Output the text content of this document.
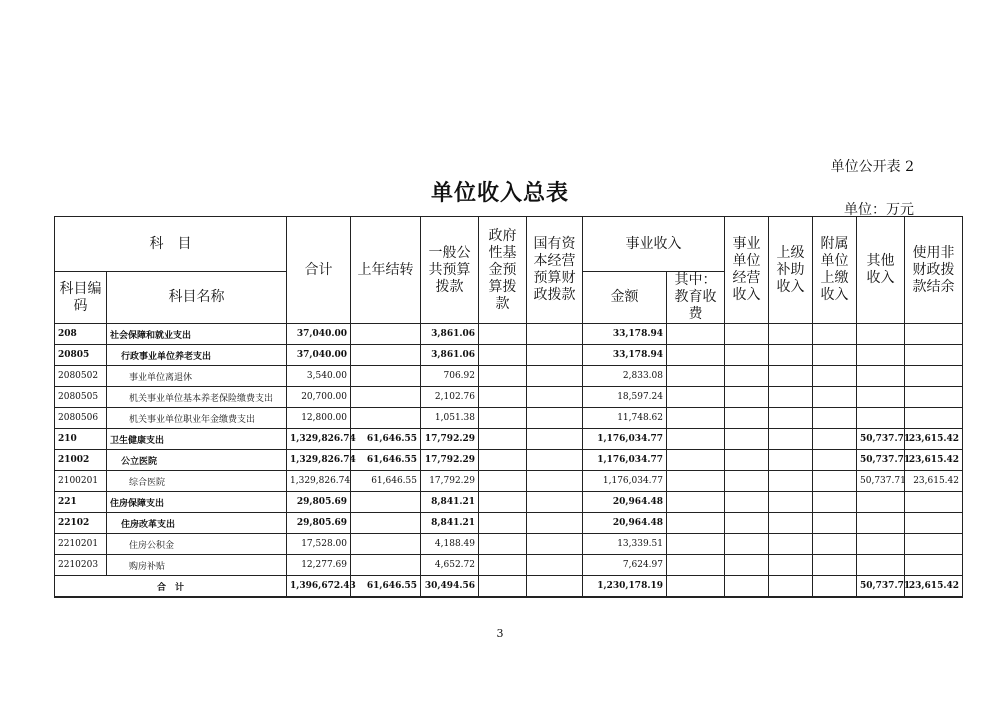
单位公开表 2
单位收入总表
单位：万元
科　目		合计	上年结转	一般公共预算拨款	政府性基金预算拨款	国有资本经营预算财政拨款	事业收入		事业单位经营收入	上级补助收入	附属单位上缴收入	其他收入	使用非财政拨款结余
科目编码	科目名称						金额	其中：教育收费					
208	社会保障和就业支出	37,040.00		3,861.06			33,178.94						
20805	行政事业单位养老支出	37,040.00		3,861.06			33,178.94						
2080502	事业单位离退休	3,540.00		706.92			2,833.08						
2080505	机关事业单位基本养老保险缴费支出	20,700.00		2,102.76			18,597.24						
2080506	机关事业单位职业年金缴费支出	12,800.00		1,051.38			11,748.62						
210	卫生健康支出	1,329,826.74	61,646.55	17,792.29			1,176,034.77					50,737.71	23,615.42
21002	公立医院	1,329,826.74	61,646.55	17,792.29			1,176,034.77					50,737.71	23,615.42
2100201	综合医院	1,329,826.74	61,646.55	17,792.29			1,176,034.77					50,737.71	23,615.42
221	住房保障支出	29,805.69		8,841.21			20,964.48						
22102	住房改革支出	29,805.69		8,841.21			20,964.48						
2210201	住房公积金	17,528.00		4,188.49			13,339.51						
2210203	购房补贴	12,277.69		4,652.72			7,624.97						
合　计		1,396,672.43	61,646.55	30,494.56			1,230,178.19					50,737.71	23,615.42
3
